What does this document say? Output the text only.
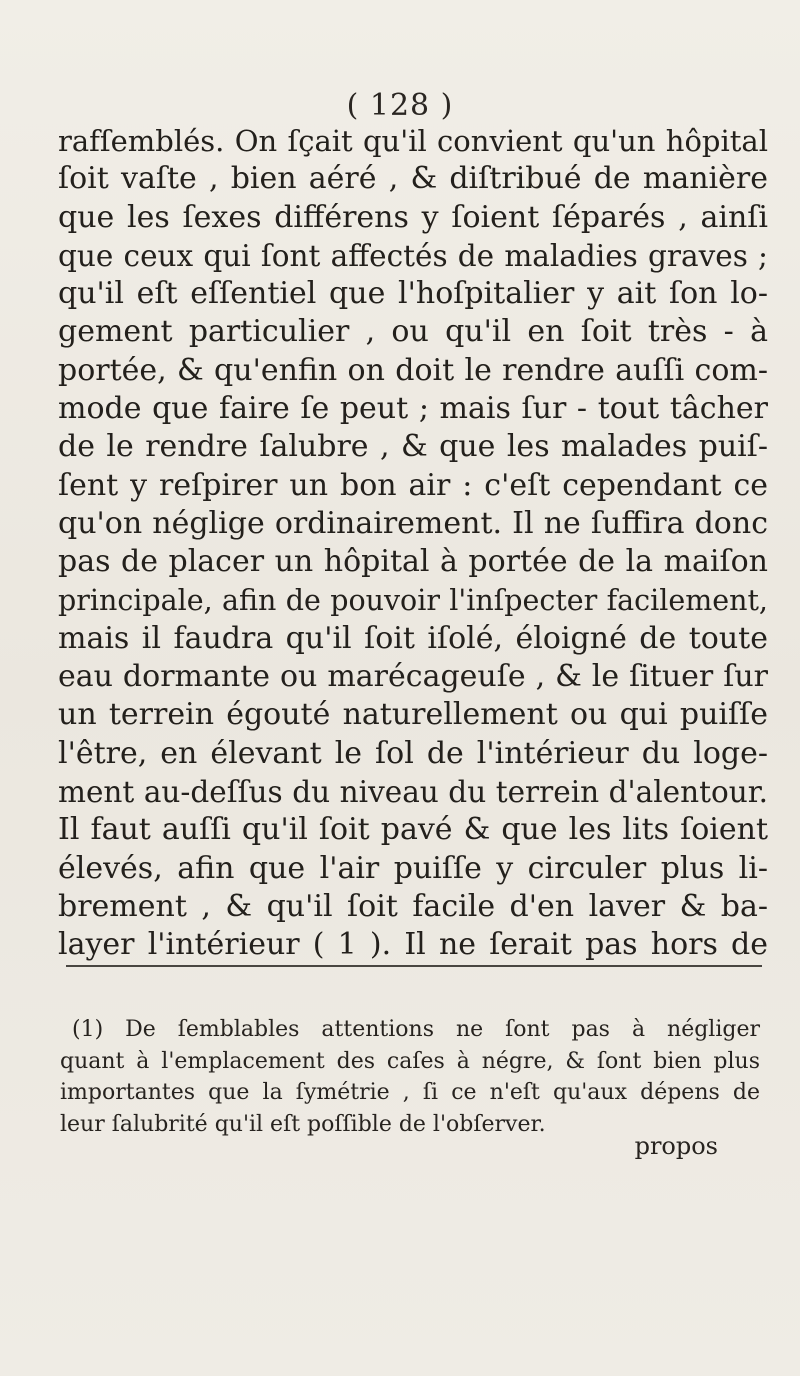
( 128 )
rafſemblés. On ſçait qu'il convient qu'un hôpital
ſoit vaſte , bien aéré , & diſtribué de manière
que les ſexes différens y ſoient ſéparés , ainſi
que ceux qui ſont affectés de maladies graves ;
qu'il eſt eſſentiel que l'hoſpitalier y ait ſon lo-
gement particulier , ou qu'il en ſoit très - à
portée, & qu'enfin on doit le rendre auſſi com-
mode que faire ſe peut ; mais ſur - tout tâcher
de le rendre ſalubre , & que les malades puiſ-
ſent y reſpirer un bon air : c'eſt cependant ce
qu'on néglige ordinairement. Il ne ſuffira donc
pas de placer un hôpital à portée de la maiſon
principale, afin de pouvoir l'inſpecter facilement,
mais il faudra qu'il ſoit iſolé, éloigné de toute
eau dormante ou marécageuſe , & le ſituer ſur
un terrein égouté naturellement ou qui puiſſe
l'être, en élevant le ſol de l'intérieur du loge-
ment au-deſſus du niveau du terrein d'alentour.
Il faut auſſi qu'il ſoit pavé & que les lits ſoient
élevés, afin que l'air puiſſe y circuler plus li-
brement , & qu'il ſoit facile d'en laver & ba-
layer l'intérieur ( 1 ). Il ne ſerait pas hors de
(1) De ſemblables attentions ne ſont pas à négliger
quant à l'emplacement des caſes à négre, & ſont bien plus
importantes que la ſymétrie , ſi ce n'eſt qu'aux dépens de
leur ſalubrité qu'il eſt poſſible de l'obſerver.
propos
